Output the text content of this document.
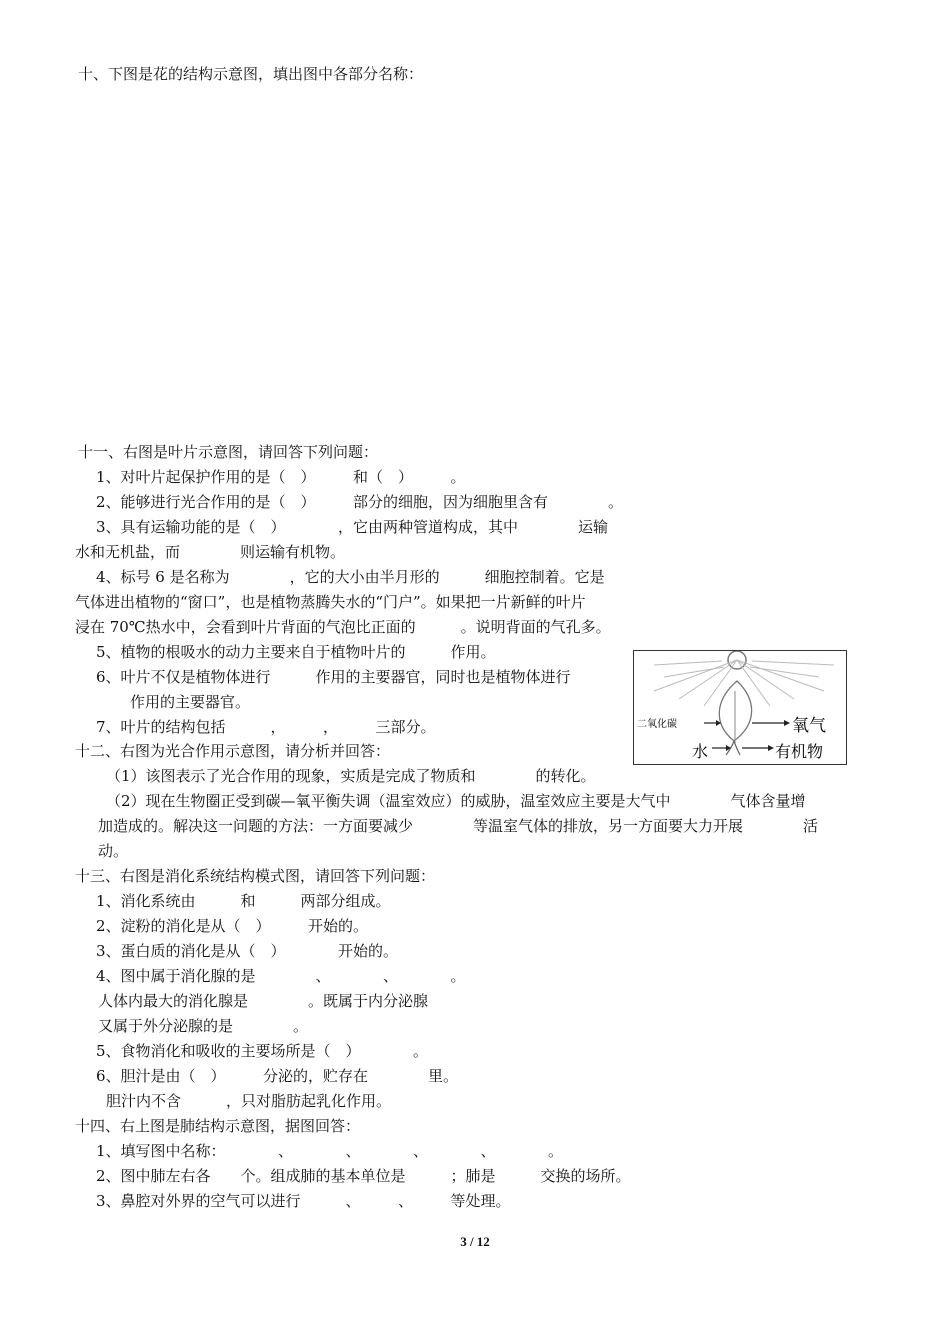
十、下图是花的结构示意图，填出图中各部分名称：
十一、右图是叶片示意图，请回答下列问题：
1、对叶片起保护作用的是（　）　　　和（　）　　　。
2、能够进行光合作用的是（　）　　　部分的细胞，因为细胞里含有　　　　。
3、具有运输功能的是（　）　　　　，它由两种管道构成，其中　　　　运输
水和无机盐，而　　　　则运输有机物。
4、标号 6 是名称为　　　　，它的大小由半月形的　　　细胞控制着。它是
气体进出植物的“窗口”，也是植物蒸腾失水的“门户”。如果把一片新鲜的叶片
浸在 70℃热水中，会看到叶片背面的气泡比正面的　　　。说明背面的气孔多。
5、植物的根吸水的动力主要来自于植物叶片的　　　作用。
6、叶片不仅是植物体进行　　　作用的主要器官，同时也是植物体进行
作用的主要器官。
7、叶片的结构包括　　　，　　　，　　　三部分。	二氧化碳	氧气
水	有机物
十二、右图为光合作用示意图，请分析并回答：
（1）该图表示了光合作用的现象，实质是完成了物质和　　　　的转化。
（2）现在生物圈正受到碳—氧平衡失调（温室效应）的威胁，温室效应主要是大气中　　　　气体含量增
加造成的。解决这一问题的方法：一方面要减少　　　　等温室气体的排放，另一方面要大力开展　　　　活
动。
十三、右图是消化系统结构模式图，请回答下列问题：
1、消化系统由　　　和　　　两部分组成。
2、淀粉的消化是从（　）　　　开始的。
3、蛋白质的消化是从（　）　　　　开始的。
4、图中属于消化腺的是　　　　、　　　　、　　　　。
人体内最大的消化腺是　　　　。既属于内分泌腺
又属于外分泌腺的是　　　　。
5、食物消化和吸收的主要场所是（　）　　　　。
6、胆汁是由（　）　　　分泌的，贮存在　　　　里。
胆汁内不含　　　，只对脂肪起乳化作用。
十四、右上图是肺结构示意图，据图回答：
1、填写图中名称：　　　　、　　　　、　　　　、　　　　、　　　　。
2、图中肺左右各　　个。组成肺的基本单位是　　　；肺是　　　交换的场所。
3、鼻腔对外界的空气可以进行　　　、　　　、　　　等处理。
3 / 12
